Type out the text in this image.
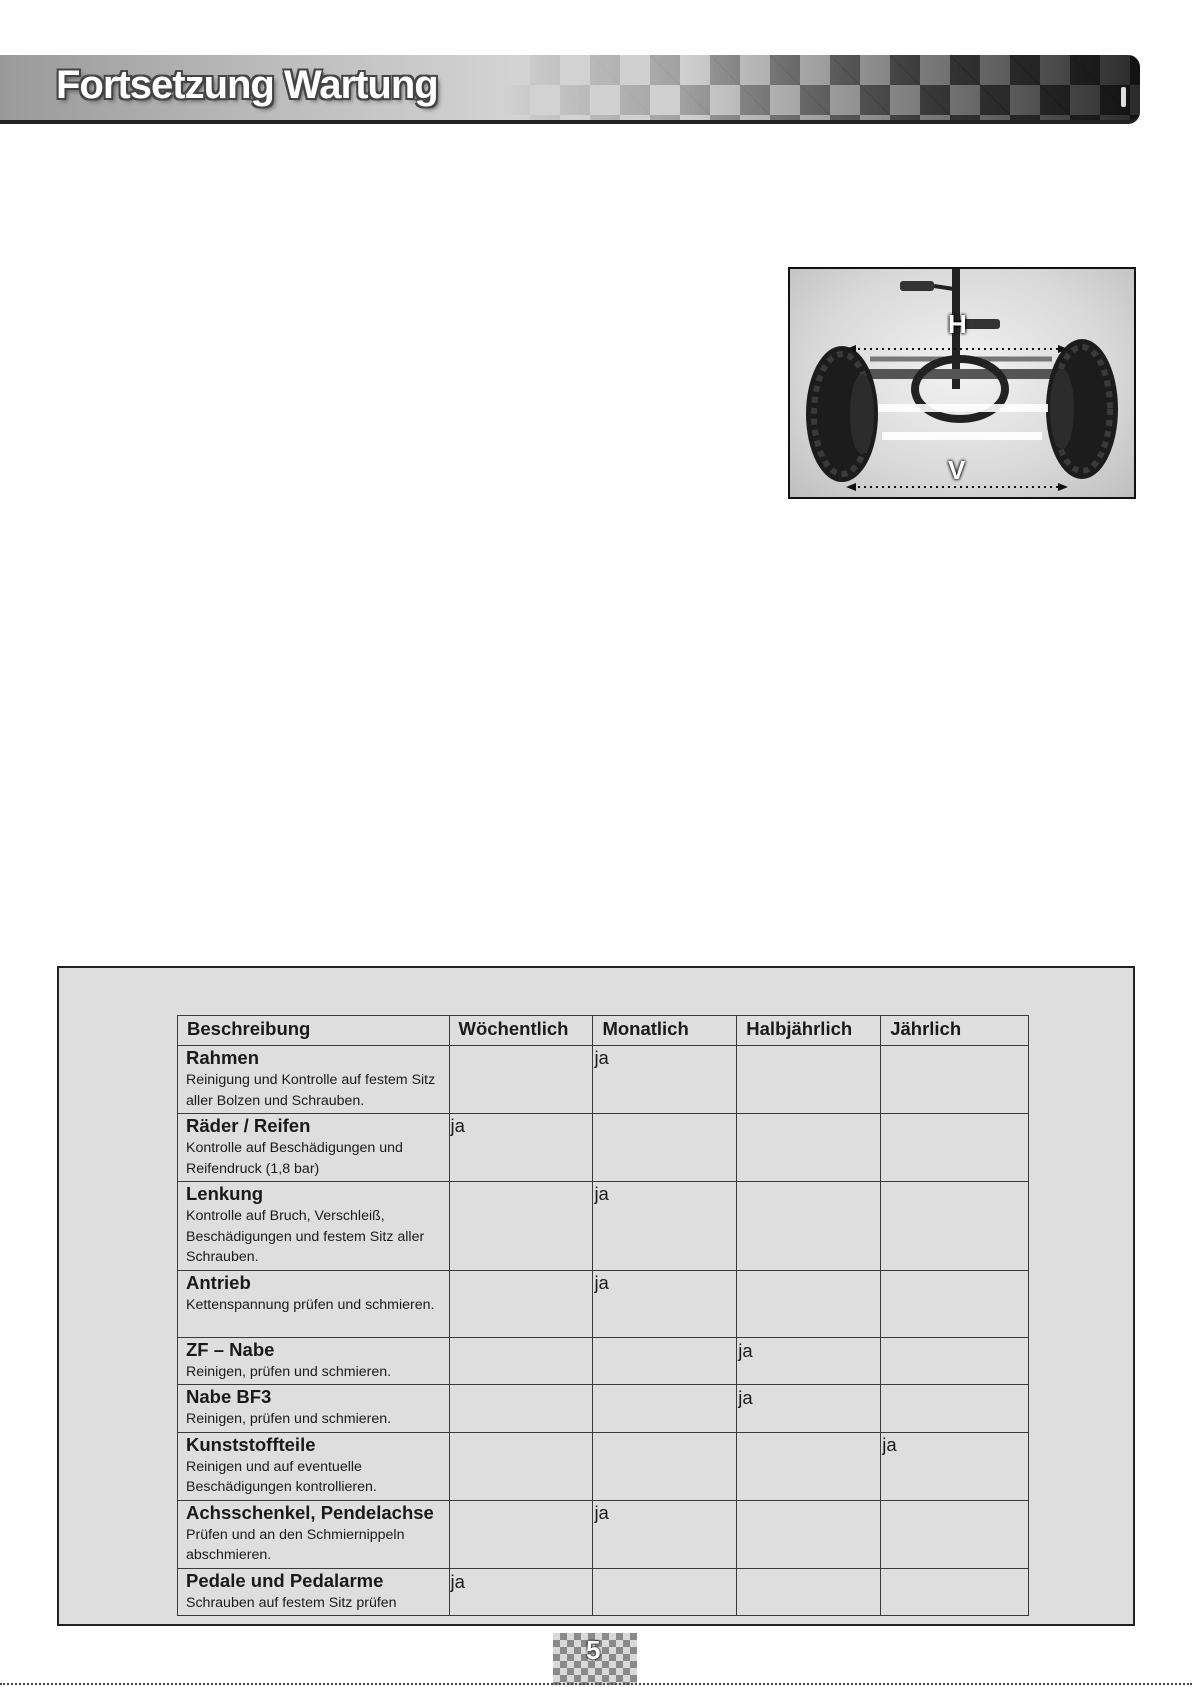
Fortsetzung Wartung
H
V
Beschreibung	Wöchentlich	Monatlich	Halbjährlich	Jährlich

Rahmen
Reinigung und Kontrolle auf festem Sitz aller Bolzen und Schrauben.		ja		

Räder / Reifen
Kontrolle auf Beschädigungen und Reifendruck (1,8 bar)	ja			

Lenkung
Kontrolle auf Bruch, Verschleiß, Beschädigungen und festem Sitz aller Schrauben.		ja		

Antrieb
Kettenspannung prüfen und schmieren.		ja		

ZF – Nabe
Reinigen, prüfen und schmieren.			ja	

Nabe BF3
Reinigen, prüfen und schmieren.			ja	

Kunststoffteile
Reinigen und auf eventuelle Beschädigungen kontrollieren.				ja

Achsschenkel, Pendelachse
Prüfen und an den Schmiernippeln abschmieren.		ja		

Pedale und Pedalarme
Schrauben auf festem Sitz prüfen	ja			
5
